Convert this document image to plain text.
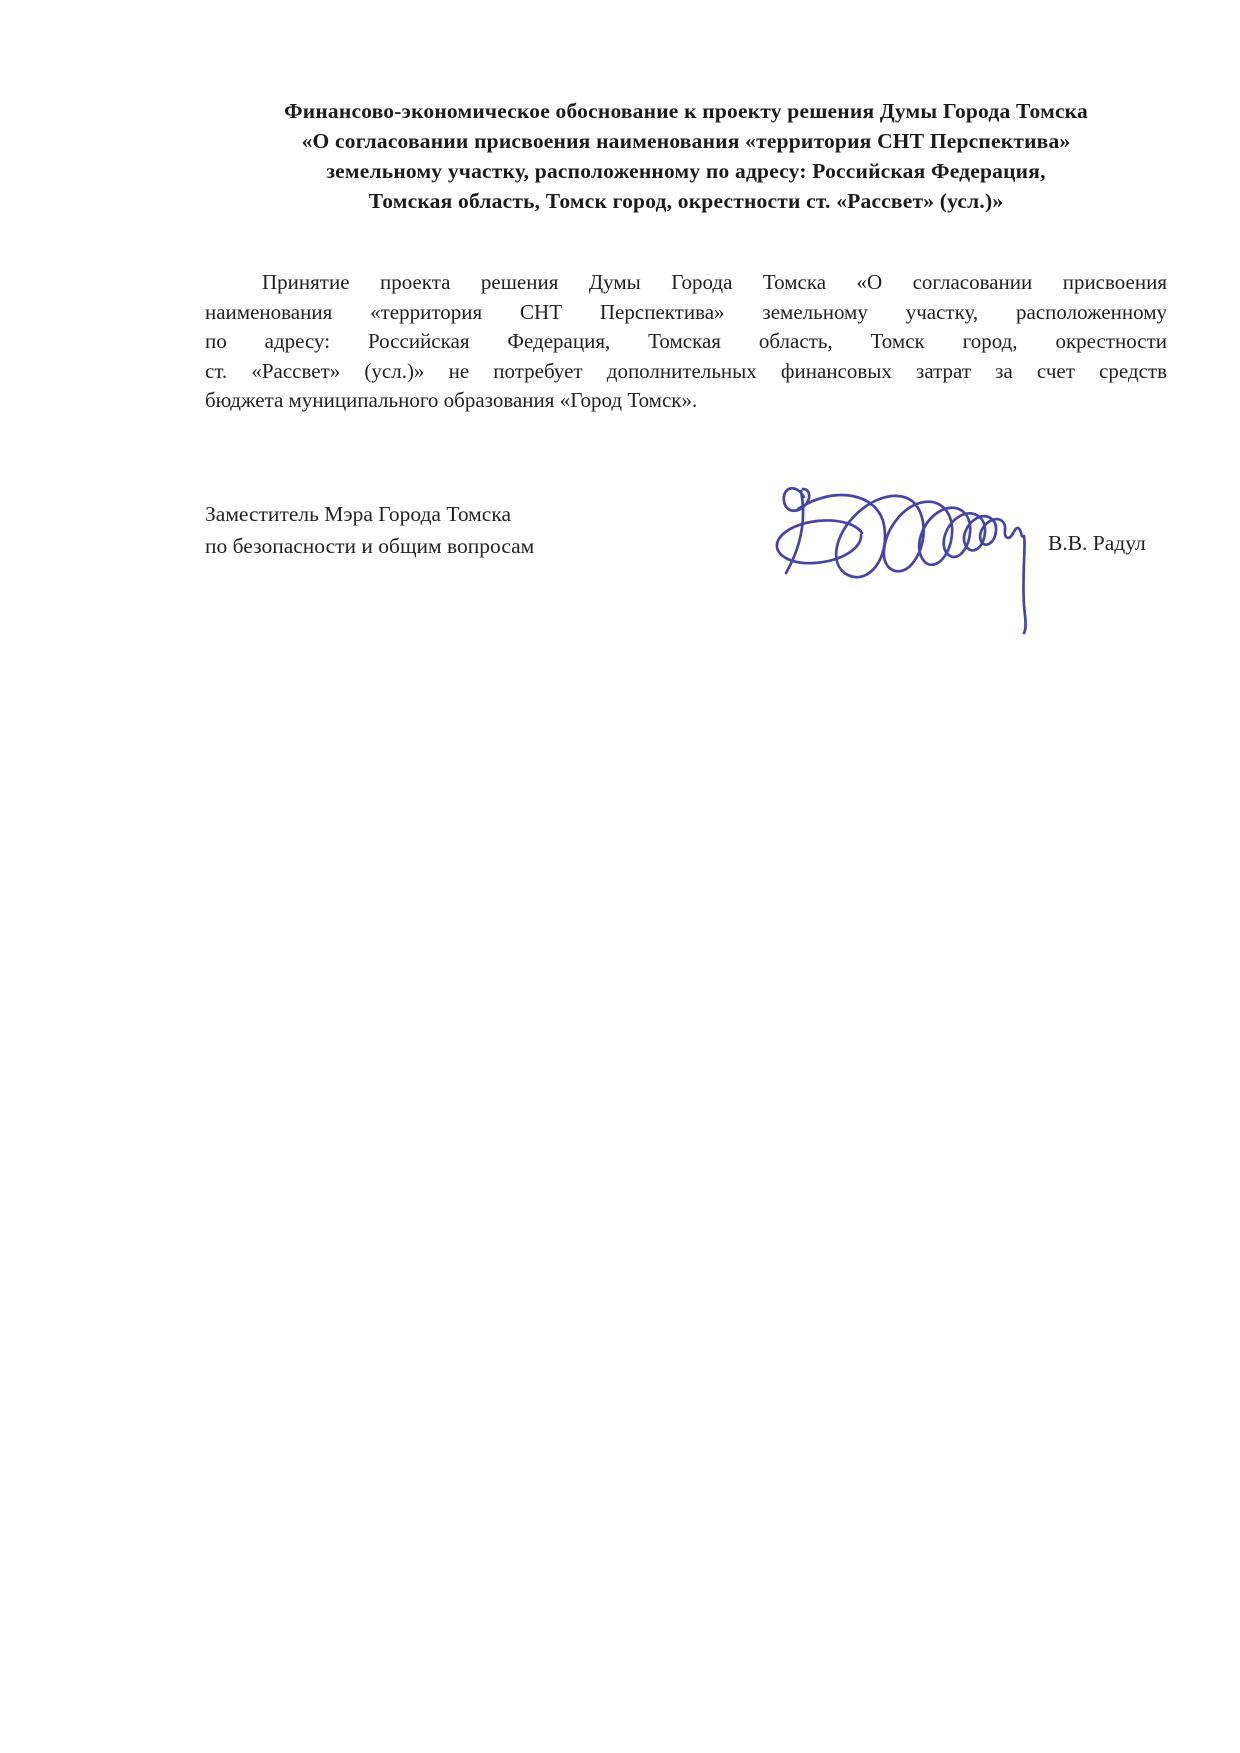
Финансово-экономическое обоснование к проекту решения Думы Города Томска
«О согласовании присвоения наименования «территория СНТ Перспектива»
земельному участку, расположенному по адресу: Российская Федерация,
Томская область, Томск город, окрестности ст. «Рассвет» (усл.)»
Принятие проекта решения Думы Города Томска «О согласовании присвоения
наименования «территория СНТ Перспектива» земельному участку, расположенному
по адресу: Российская Федерация, Томская область, Томск город, окрестности
ст. «Рассвет» (усл.)» не потребует дополнительных финансовых затрат за счет средств
бюджета муниципального образования «Город Томск».
Заместитель Мэра Города Томска
по безопасности и общим вопросам	В.В. Радул
